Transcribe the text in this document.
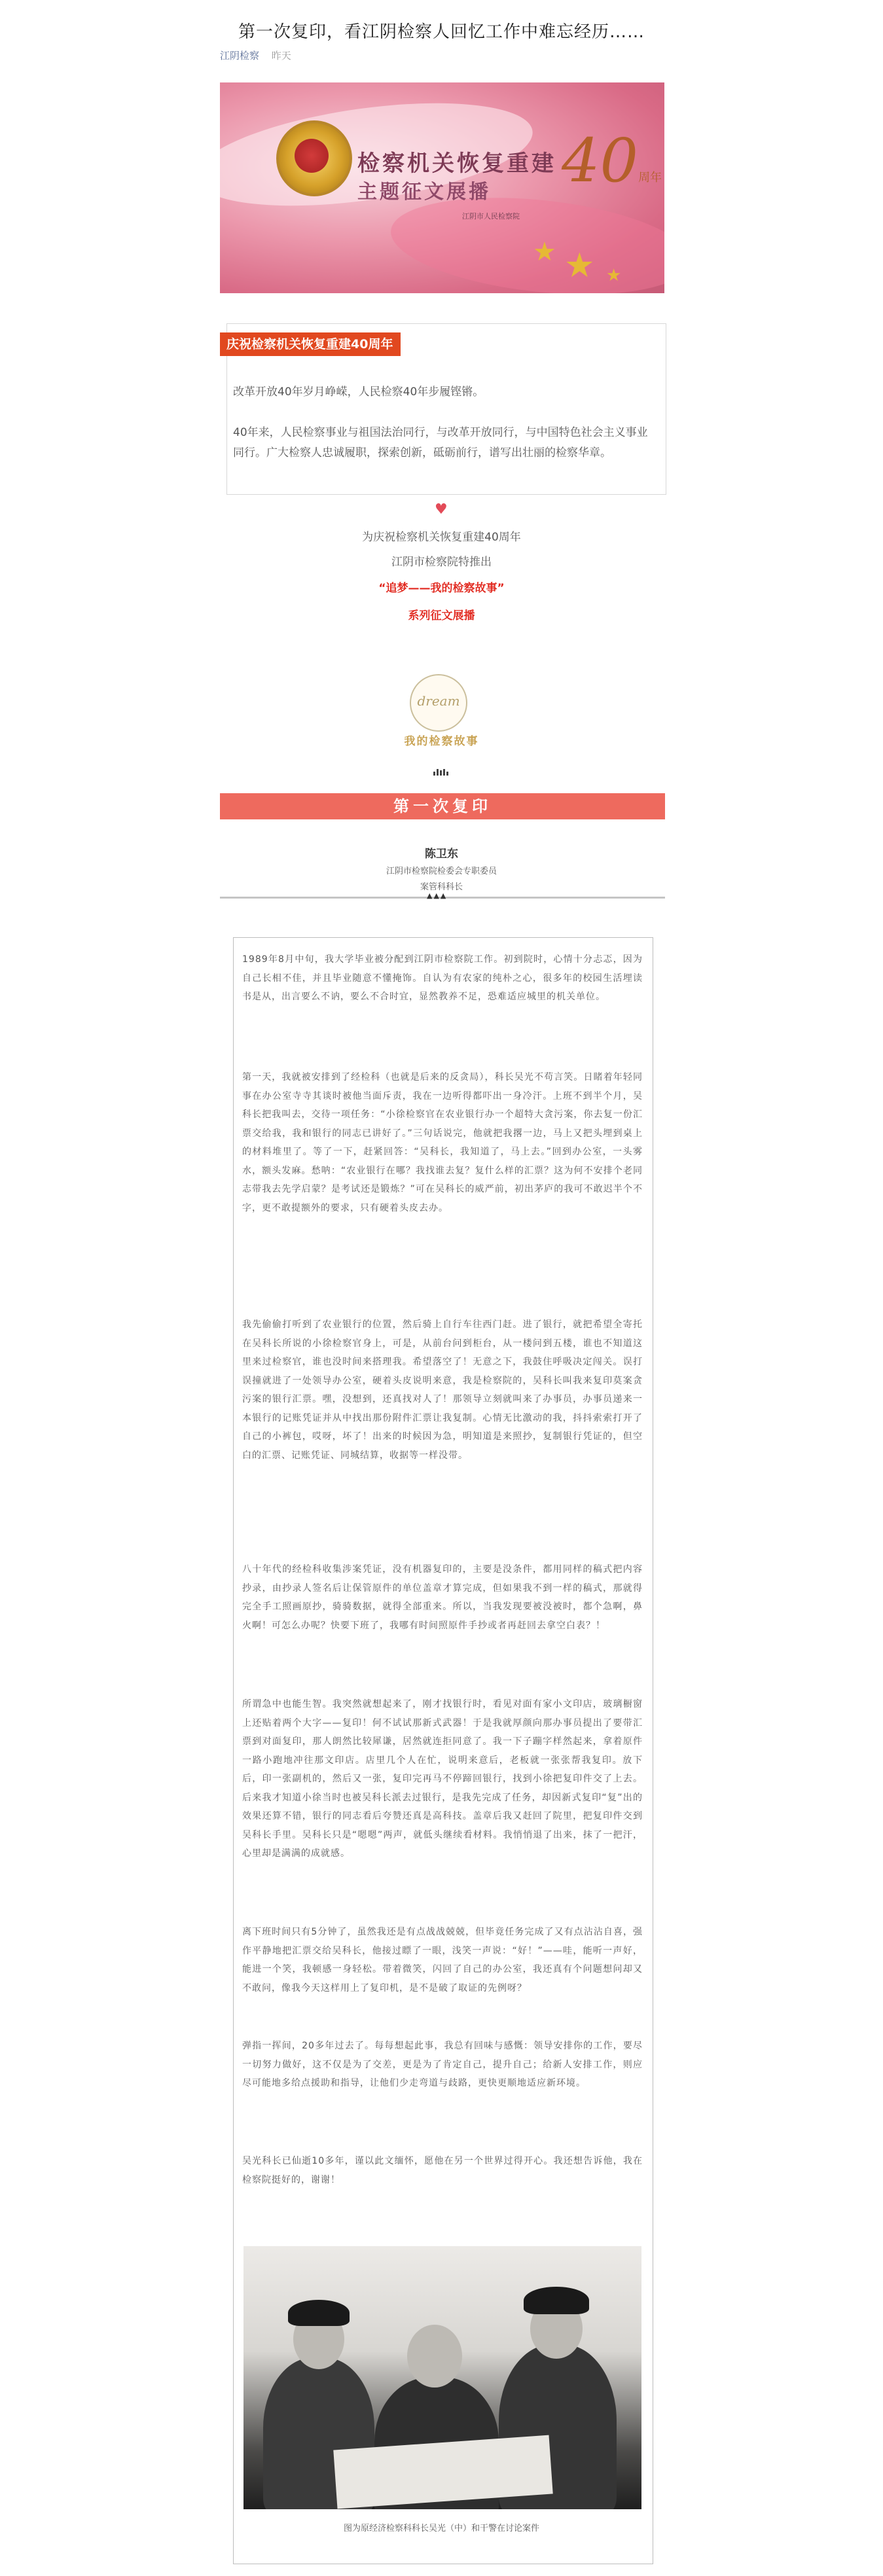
第一次复印，看江阴检察人回忆工作中难忘经历……
江阴检察 昨天
检察机关恢复重建
主题征文展播 40周年
江阴市人民检察院
★ ★ ★
庆祝检察机关恢复重建40周年
改革开放40年岁月峥嵘，人民检察40年步履铿锵。
40年来，人民检察事业与祖国法治同行，与改革开放同行，与中国特色社会主义事业同行。广大检察人忠诚履职，探索创新，砥砺前行，谱写出壮丽的检察华章。
♥
为庆祝检察机关恢复重建40周年
江阴市检察院特推出
“追梦——我的检察故事”
系列征文展播
dream
我的检察故事
第一次复印
陈卫东
江阴市检察院检委会专职委员
案管科科长
▲▲▲
1989年8月中旬，我大学毕业被分配到江阴市检察院工作。初到院时，心情十分忐忑，因为自己长相不佳，并且毕业随意不懂掩饰。自认为有农家的纯朴之心，很多年的校园生活埋读书是从，出言要么不讷，要么不合时宜，显然教养不足，恐难适应城里的机关单位。
第一天，我就被安排到了经检科（也就是后来的反贪局），科长吴光不苟言笑。日睹着年轻同事在办公室寺寺其谈时被他当面斥责，我在一边听得都吓出一身冷汗。上班不到半个月，吴科长把我叫去，交待一项任务：“小徐检察官在农业银行办一个超特大贪污案，你去复一份汇票交给我，我和银行的同志已讲好了。”三句话说完，他就把我撂一边，马上又把头埋到桌上的材料堆里了。等了一下，赶紧回答：“吴科长，我知道了，马上去。”回到办公室，一头雾水，额头发麻。愁呐：“农业银行在哪？我找谁去复？复什么样的汇票？这为何不安排个老同志带我去先学启蒙？是考试还是锻炼？”可在吴科长的威严前，初出茅庐的我可不敢迟半个不字，更不敢提额外的要求，只有硬着头皮去办。
我先偷偷打听到了农业银行的位置，然后骑上自行车往西门赶。进了银行，就把希望全寄托在吴科长所说的小徐检察官身上，可是，从前台问到柜台，从一楼问到五楼，谁也不知道这里来过检察官，谁也没时间来搭理我。希望落空了！无意之下，我鼓住呼吸决定闯关。误打误撞就进了一处领导办公室，硬着头皮说明来意，我是检察院的，吴科长叫我来复印莫案贪污案的银行汇票。嘿，没想到，还真找对人了！那领导立刻就叫来了办事员，办事员递来一本银行的记账凭证并从中找出那份附件汇票让我复制。心情无比激动的我，抖抖索索打开了自己的小裤包，哎呀，坏了！出来的时候因为急，明知道是来照抄，复制银行凭证的，但空白的汇票、记账凭证、同城结算，收据等一样没带。
八十年代的经检科收集涉案凭证，没有机器复印的，主要是没条件，都用同样的稿式把内容抄录，由抄录人签名后让保管原件的单位盖章才算完成，但如果我不到一样的稿式，那就得完全手工照画原抄，骑骑数据，就得全部重来。所以，当我发现要被没被时，都个急啊，鼻火啊！可怎么办呢？快要下班了，我哪有时间照原件手抄或者再赶回去拿空白表？！
所谓急中也能生智。我突然就想起来了，刚才找银行时，看见对面有家小文印店，玻璃橱窗上还贴着两个大字——复印！何不试试那新式武器！于是我就厚颜向那办事员提出了要带汇票到对面复印，那人朗然比较犀谦，居然就连拒同意了。我一下子蹦字样然起来，拿着原件一路小跑地冲往那文印店。店里几个人在忙，说明来意后，老板就一张张帮我复印。放下后，印一张副机的，然后又一张，复印完再马不停蹄回银行，找到小徐把复印件交了上去。后来我才知道小徐当时也被吴科长派去过银行，是我先完成了任务，却因新式复印“复”出的效果还算不错，银行的同志看后夸赞还真是高科技。盖章后我又赶回了院里，把复印件交到吴科长手里。吴科长只是“嗯嗯”两声，就低头继续看材料。我悄悄退了出来，抹了一把汗，心里却是满满的成就感。
离下班时间只有5分钟了，虽然我还是有点战战兢兢，但毕竟任务完成了又有点沾沾自喜，强作平静地把汇票交给吴科长，他接过瞟了一眼，浅笑一声说：“好！”——哇，能听一声好，能进一个笑，我顿感一身轻松。带着微笑，闪回了自己的办公室，我还真有个问题想问却又不敢问，像我今天这样用上了复印机，是不是破了取证的先例呀？
弹指一挥间，20多年过去了。每每想起此事，我总有回味与感慨：领导安排你的工作，要尽一切努力做好，这不仅是为了交差，更是为了肯定自己，提升自己；给新人安排工作，则应尽可能地多给点援助和指导，让他们少走弯道与歧路，更快更顺地适应新环境。
吴光科长已仙逝10多年，谨以此文缅怀，愿他在另一个世界过得开心。我还想告诉他，我在检察院挺好的，谢谢！
图为原经济检察科科长吴光（中）和干警在讨论案件
